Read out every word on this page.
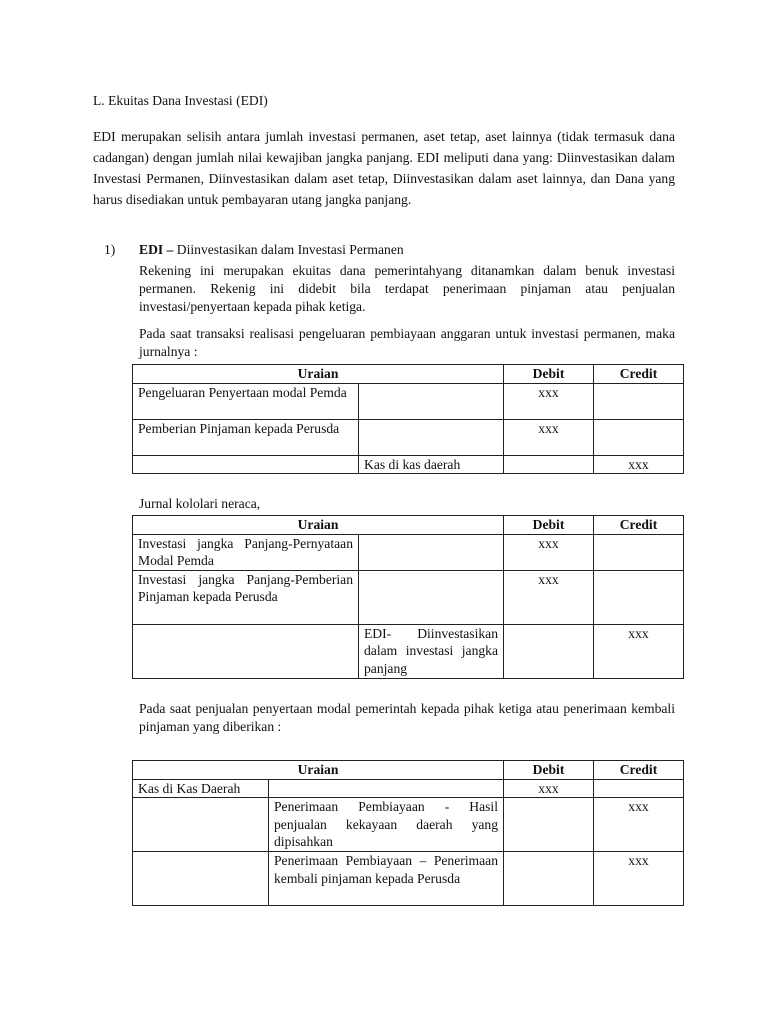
L. Ekuitas Dana Investasi (EDI)
EDI merupakan selisih antara jumlah investasi permanen, aset tetap, aset lainnya (tidak termasuk dana cadangan) dengan jumlah nilai kewajiban jangka panjang. EDI meliputi dana yang: Diinvestasikan dalam Investasi Permanen, Diinvestasikan dalam aset tetap, Diinvestasikan dalam aset lainnya, dan Dana yang harus disediakan untuk pembayaran utang jangka panjang.
1) EDI – Diinvestasikan dalam Investasi Permanen
Rekening ini merupakan ekuitas dana pemerintahyang ditanamkan dalam benuk investasi permanen. Rekenig ini didebit bila terdapat penerimaan pinjaman atau penjualan investasi/penyertaan kepada pihak ketiga.
Pada saat transaksi realisasi pengeluaran pembiayaan anggaran untuk investasi permanen, maka jurnalnya :
Uraian		Debit	Credit
Pengeluaran Penyertaan modal Pemda		xxx	
Pemberian Pinjaman kepada Perusda		xxx	
	Kas di kas daerah		xxx
Jurnal kololari neraca,
Uraian		Debit	Credit
Investasi jangka Panjang-Pernyataan Modal Pemda		xxx	
Investasi jangka Panjang-Pemberian Pinjaman kepada Perusda		xxx	
	EDI- Diinvestasikan dalam investasi jangka panjang		xxx
Pada saat penjualan penyertaan modal pemerintah kepada pihak ketiga atau penerimaan kembali pinjaman yang diberikan :
Uraian		Debit	Credit
Kas di Kas Daerah		xxx	
	Penerimaan Pembiayaan - Hasil penjualan kekayaan daerah yang dipisahkan		xxx
	Penerimaan Pembiayaan – Penerimaan kembali pinjaman kepada Perusda		xxx
